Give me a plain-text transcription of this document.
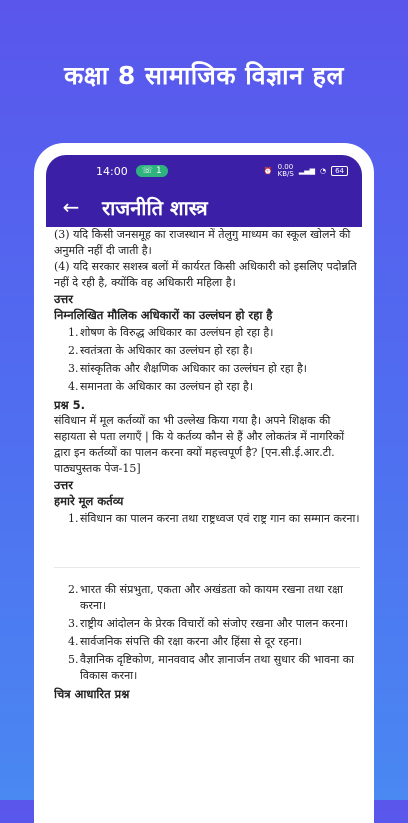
कक्षा 8 सामाजिक विज्ञान हल
14:00 ☏ 1	⏰ 0.00
KB/S ▂▄▆ ◔	64
←	राजनीति शास्त्र

(3) यदि किसी जनसमूह का राजस्थान में तेलुगु माध्यम का स्कूल खोलने की अनुमति नहीं दी जाती है।

(4) यदि सरकार सशस्त्र बलों में कार्यरत किसी अधिकारी को इसलिए पदोन्नति नहीं दे रही है, क्योंकि वह अधिकारी महिला है।

उत्तर

निम्नलिखित मौलिक अधिकारों का उल्लंघन हो रहा है

1. शोषण के विरुद्ध अधिकार का उल्लंघन हो रहा है।
2. स्वतंत्रता के अधिकार का उल्लंघन हो रहा है।
3. सांस्कृतिक और शैक्षणिक अधिकार का उल्लंघन हो रहा है।
4. समानता के अधिकार का उल्लंघन हो रहा है।

प्रश्न 5.

संविधान में मूल कर्तव्यों का भी उल्लेख किया गया है। अपने शिक्षक की सहायता से पता लगाएँ | कि ये कर्तव्य कौन से हैं और लोकतंत्र में नागरिकों द्वारा इन कर्तव्यों का पालन करना क्यों महत्त्वपूर्ण है? [एन.सी.ई.आर.टी. पाठ्यपुस्तक पेज-15]

उत्तर

हमारे मूल कर्तव्य

1. संविधान का पालन करना तथा राष्ट्रध्वज एवं राष्ट्र गान का सम्मान करना।
2. भारत की संप्रभुता, एकता और अखंडता को कायम रखना तथा रक्षा करना।
3. राष्ट्रीय आंदोलन के प्रेरक विचारों को संजोए रखना और पालन करना।
4. सार्वजनिक संपत्ति की रक्षा करना और हिंसा से दूर रहना।
5. वैज्ञानिक दृष्टिकोण, मानववाद और ज्ञानार्जन तथा सुधार की भावना का विकास करना।

चित्र आधारित प्रश्न
